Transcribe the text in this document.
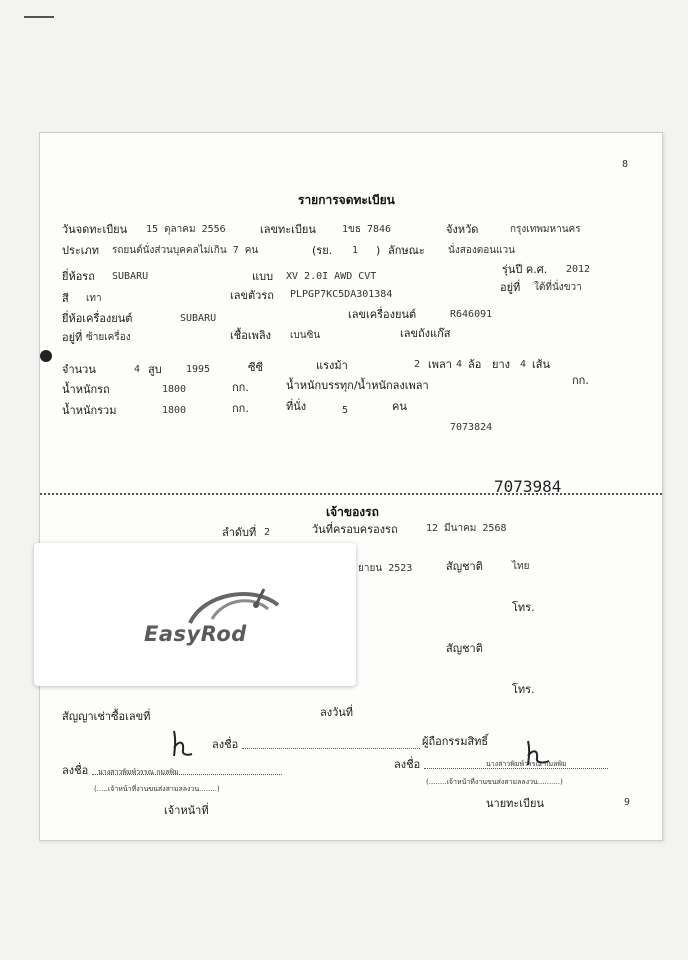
8
รายการจดทะเบียน
วันจดทะเบียน 15 ตุลาคม 2556	เลขทะเบียน	1ขธ 7846	จังหวัด	กรุงเทพมหานคร
ประเภท รถยนต์นั่งส่วนบุคคลไม่เกิน 7 คน	(รย. 1 ) ลักษณะ นั่งสองตอนแวน
ยี่ห้อรถ SUBARU	แบบ XV 2.0I AWD CVT
รุ่นปี ค.ศ. 2012
สี เทา	เลขตัวรถ PLPGP7KC5DA301384
อยู่ที่ ใต้ที่นั่งขวา
ยี่ห้อเครื่องยนต์	SUBARU	เลขเครื่องยนต์	R646091
อยู่ที่ ซ้ายเครื่อง	เชื้อเพลิง เบนซิน	เลขถังแก๊ส
จำนวน	4 สูบ 1995	ซีซี	แรงม้า	2 เพลา 4 ล้อ ยาง 4 เส้น
น้ำหนักรถ	1800	กก.	น้ำหนักบรรทุก/น้ำหนักลงเพลา	กก.
น้ำหนักรวม	1800	กก.	ที่นั่ง	5	คน
7073824
7073984
เจ้าของรถ
ลำดับที่ 2	วันที่ครอบครองรถ	12 มีนาคม 2568
ยายน 2523	สัญชาติ	ไทย
โทร.
สัญชาติ
โทร.
สัญญาเช่าซื้อเลขที่	ลงวันที่
ลงชื่อ	ผู้ถือกรรมสิทธิ์
ลงชื่อ นางสาวพิมพ์วรรณ กมลพิม
(.....เจ้าหน้าที่งานขนส่งสามลลงวน........)
เจ้าหน้าที่
ลงชื่อ	นางสาวพิมพ์วรรณ กมลพิม
(........เจ้าหน้าที่งานขนส่งสามลลงวน..........)
นายทะเบียน	9
EasyRod
